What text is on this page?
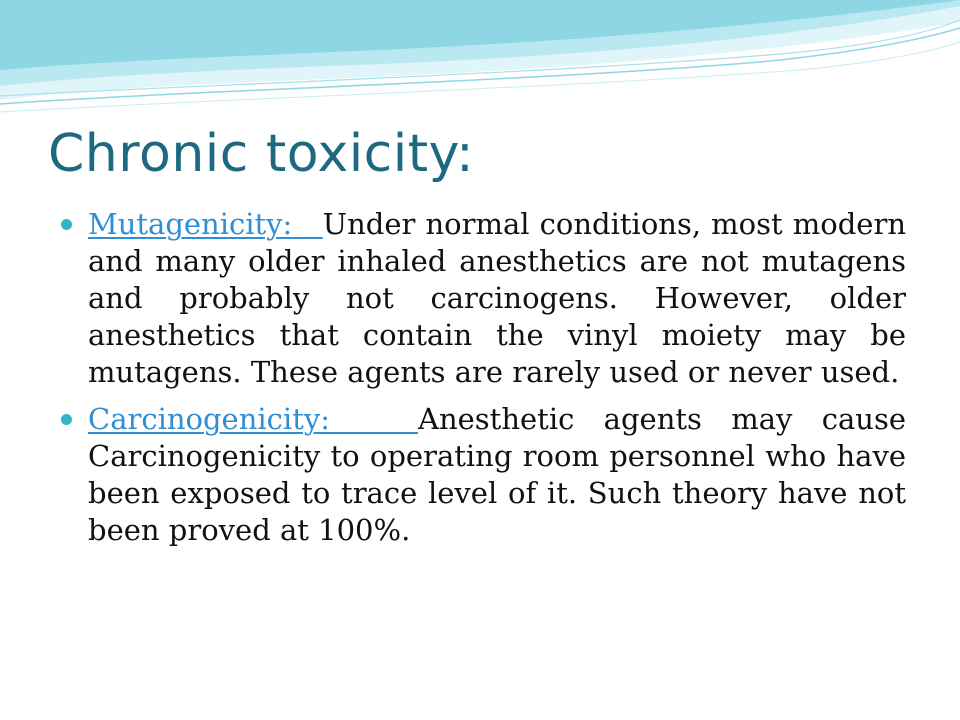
Chronic toxicity:
Mutagenicity: Under normal conditions, most modern and many older inhaled anesthetics are not mutagens and probably not carcinogens. However, older anesthetics that contain the vinyl moiety may be mutagens. These agents are rarely used or never used.
Carcinogenicity:	Anesthetic agents may cause Carcinogenicity to operating room personnel who have been exposed to trace level of it. Such theory have not been proved at 100%.
